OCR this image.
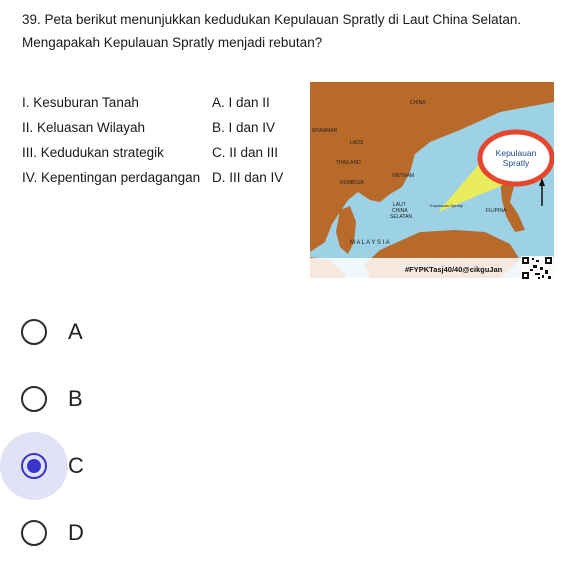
39. Peta berikut menunjukkan kedudukan Kepulauan Spratly di Laut China Selatan.
Mengapakah Kepulauan Spratly menjadi rebutan?
I. Kesuburan Tanah	A. I dan II
II. Keluasan Wilayah	B. I dan IV
III. Kedudukan strategik	C. II dan III
IV. Kepentingan perdagangan D. III dan IV
Kepulauan
Spratly
CHINA
MYANMAR
LAOS
THAILAND
VIETNAM
KEMBOJA
LAUT
CHINA
SELATAN
Kepulauan Spratly
FILIPINA
M A L A Y S I A
#FYPKTasj40/40@cikguJan
A
B
C
D
